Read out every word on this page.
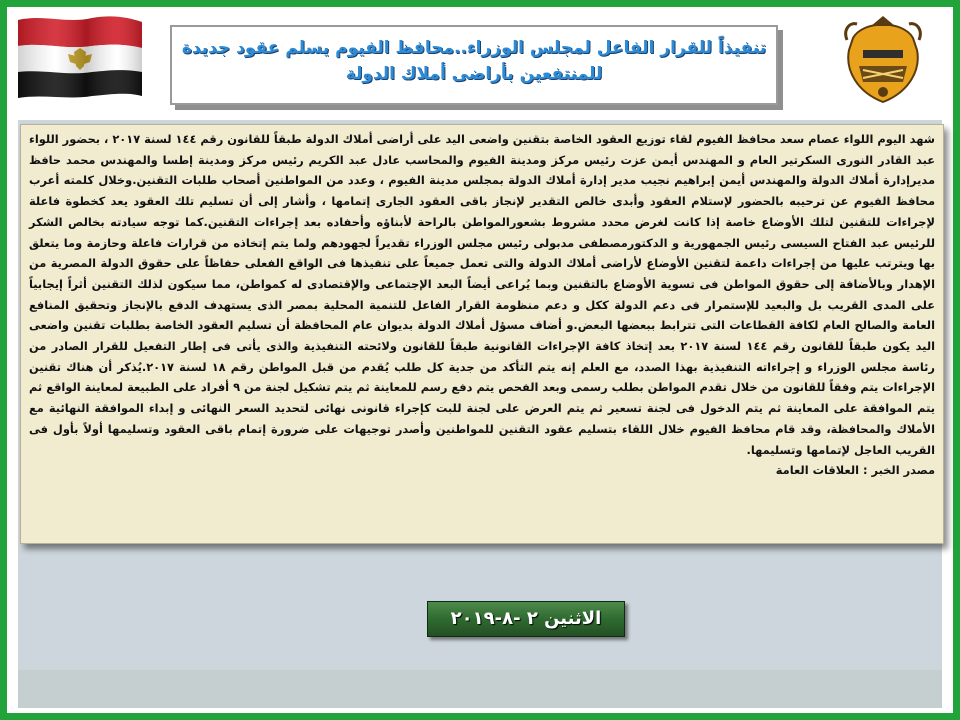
تنفيذاً للقرار الفاعل لمجلس الوزراء..محافظ الفيوم يسلم عقود جديدة
للمنتفعين بأراضى أملاك الدولة

شهد اليوم اللواء عصام سعد محافظ الفيوم لقاء توزيع العقود الخاصة بتقنين واضعى اليد على أراضى أملاك الدولة طبقاً للقانون رقم ١٤٤ لسنة ٢٠١٧ ، بحضور اللواء عبد القادر النورى السكرتير العام و المهندس أيمن عزت رئيس مركز ومدينة الفيوم والمحاسب عادل عبد الكريم رئيس مركز ومدينة إطسا والمهندس محمد حافظ مديرإدارة أملاك الدولة والمهندس أيمن إبراهيم نجيب مدير إدارة أملاك الدولة بمجلس مدينة الفيوم ، وعدد من المواطنين أصحاب طلبات التقنين.وخلال كلمته أعرب محافظ الفيوم عن ترحيبه بالحضور لإستلام العقود وأبدى خالص التقدير لإنجاز باقى العقود الجارى إتمامها ، وأشار إلى أن تسليم تلك العقود يعد كخطوة فاعلة لإجراءات للتقنين لتلك الأوضاع خاصة إذا كانت لغرض محدد مشروط بشعورالمواطن بالراحة لأبناؤه وأحفاده بعد إجراءات التقنين.كما توجه سيادته بخالص الشكر للرئيس عبد الفتاح السيسى رئيس الجمهورية و الدكتورمصطفى مدبولى رئيس مجلس الوزراء تقديراً لجهودهم ولما يتم إتخاذه من قرارات فاعلة وحازمة وما يتعلق بها ويترتب عليها من إجراءات داعمة لتقنين الأوضاع لأراضى أملاك الدولة والتى تعمل جميعاً على تنفيذها فى الواقع الفعلى حفاظاً على حقوق الدولة المصرية من الإهدار وبالأضافة إلى حقوق المواطن فى تسوية الأوضاع بالتقنين وبما يُراعى أيضاً البعد الإجتماعى والإقتصادى له كمواطن، مما سيكون لذلك التقنين أثراً إيجابياً على المدى القريب بل والبعيد للإستمرار فى دعم الدولة ككل و دعم منظومة القرار الفاعل للتنمية المحلية بمصر الذى يستهدف الدفع بالإنجاز وتحقيق المنافع العامة والصالح العام لكافة القطاعات التى تترابط ببعضها البعض.و أضاف مسؤل أملاك الدولة بديوان عام المحافظة أن تسليم العقود الخاصة بطلبات تقنين واضعى اليد يكون طبقاً للقانون رقم ١٤٤ لسنة ٢٠١٧ بعد إتخاذ كافة الإجراءات القانونية طبقاً للقانون ولائحته التنفيذية والذى يأتى فى إطار التفعيل للقرار الصادر من رئاسة مجلس الوزراء و إجراءاته التنفيذية بهذا الصدد، مع العلم إنه يتم التأكد من جدية كل طلب يُقدم من قبل المواطن رقم ١٨ لسنة ٢٠١٧.يُذكر أن هناك تقنين الإجراءات يتم وفقاً للقانون من خلال تقدم المواطن بطلب رسمى وبعد الفحص يتم دفع رسم للمعاينة ثم يتم تشكيل لجنة من ٩ أفراد على الطبيعة لمعاينة الواقع ثم يتم الموافقة على المعاينة ثم يتم الدخول فى لجنة تسعير ثم يتم العرض على لجنة للبت كإجراء قانونى نهائى لتحديد السعر النهائى و إبداء الموافقة النهائية مع الأملاك والمحافظة، وقد قام محافظ الفيوم خلال اللقاء بتسليم عقود التقنين للمواطنين وأصدر توجيهات على ضرورة إتمام باقى العقود وتسليمها أولاً بأول فى القريب العاجل لإتمامها وتسليمها.

مصدر الخبر : العلاقات العامة

الاثنين ٢ -٨-٢٠١٩
